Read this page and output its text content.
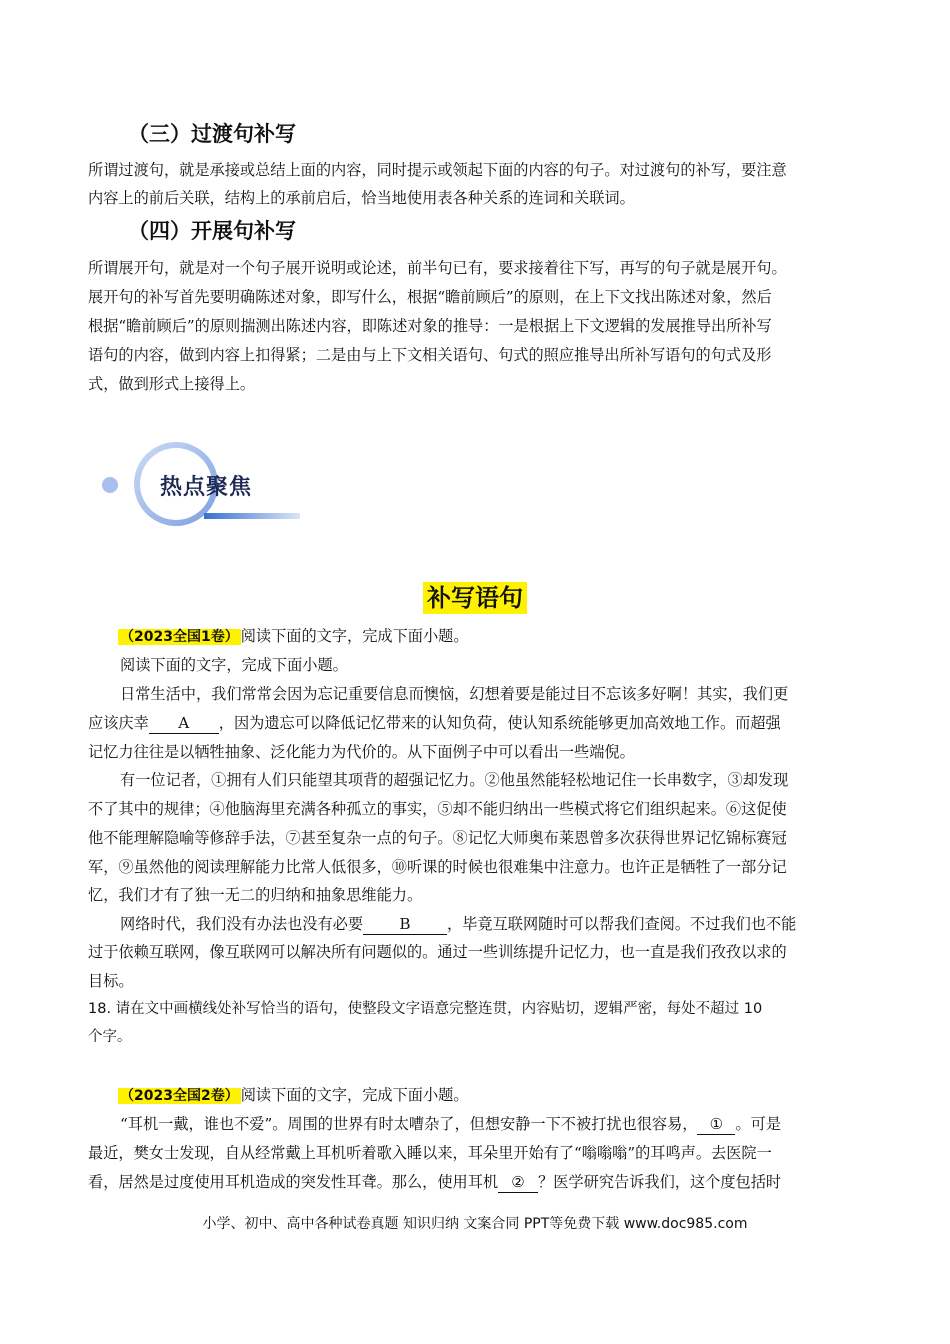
（三）过渡句补写
所谓过渡句，就是承接或总结上面的内容，同时提示或领起下面的内容的句子。对过渡句的补写，要注意
内容上的前后关联，结构上的承前启后，恰当地使用表各种关系的连词和关联词。
（四）开展句补写
所谓展开句，就是对一个句子展开说明或论述，前半句已有，要求接着往下写，再写的句子就是展开句。
展开句的补写首先要明确陈述对象，即写什么，根据“瞻前顾后”的原则，在上下文找出陈述对象，然后
根据“瞻前顾后”的原则揣测出陈述内容，即陈述对象的推导：一是根据上下文逻辑的发展推导出所补写
语句的内容，做到内容上扣得紧；二是由与上下文相关语句、句式的照应推导出所补写语句的句式及形
式，做到形式上接得上。
热点聚焦
补写语句
（2023全国1卷） 阅读下面的文字，完成下面小题。
阅读下面的文字，完成下面小题。
日常生活中，我们常常会因为忘记重要信息而懊恼，幻想着要是能过目不忘该多好啊！其实，我们更
应该庆幸 A ，因为遗忘可以降低记忆带来的认知负荷，使认知系统能够更加高效地工作。而超强
记忆力往往是以牺牲抽象、泛化能力为代价的。从下面例子中可以看出一些端倪。
有一位记者，①拥有人们只能望其项背的超强记忆力。②他虽然能轻松地记住一长串数字，③却发现
不了其中的规律；④他脑海里充满各种孤立的事实，⑤却不能归纳出一些模式将它们组织起来。⑥这促使
他不能理解隐喻等修辞手法，⑦甚至复杂一点的句子。⑧记忆大师奥布莱恩曾多次获得世界记忆锦标赛冠
军，⑨虽然他的阅读理解能力比常人低很多，⑩听课的时候也很难集中注意力。也许正是牺牲了一部分记
忆，我们才有了独一无二的归纳和抽象思维能力。
网络时代，我们没有办法也没有必要 B ，毕竟互联网随时可以帮我们查阅。不过我们也不能
过于依赖互联网，像互联网可以解决所有问题似的。通过一些训练提升记忆力，也一直是我们孜孜以求的
目标。
18. 请在文中画横线处补写恰当的语句，使整段文字语意完整连贯，内容贴切，逻辑严密，每处不超过 10
个字。
（2023全国2卷） 阅读下面的文字，完成下面小题。
“耳机一戴，谁也不爱”。周围的世界有时太嘈杂了，但想安静一下不被打扰也很容易， ① 。可是
最近，樊女士发现，自从经常戴上耳机听着歌入睡以来，耳朵里开始有了“嗡嗡嗡”的耳鸣声。去医院一
看，居然是过度使用耳机造成的突发性耳聋。那么，使用耳机 ② ？医学研究告诉我们，这个度包括时
小学、初中、高中各种试卷真题 知识归纳 文案合同 PPT等免费下载 www.doc985.com
